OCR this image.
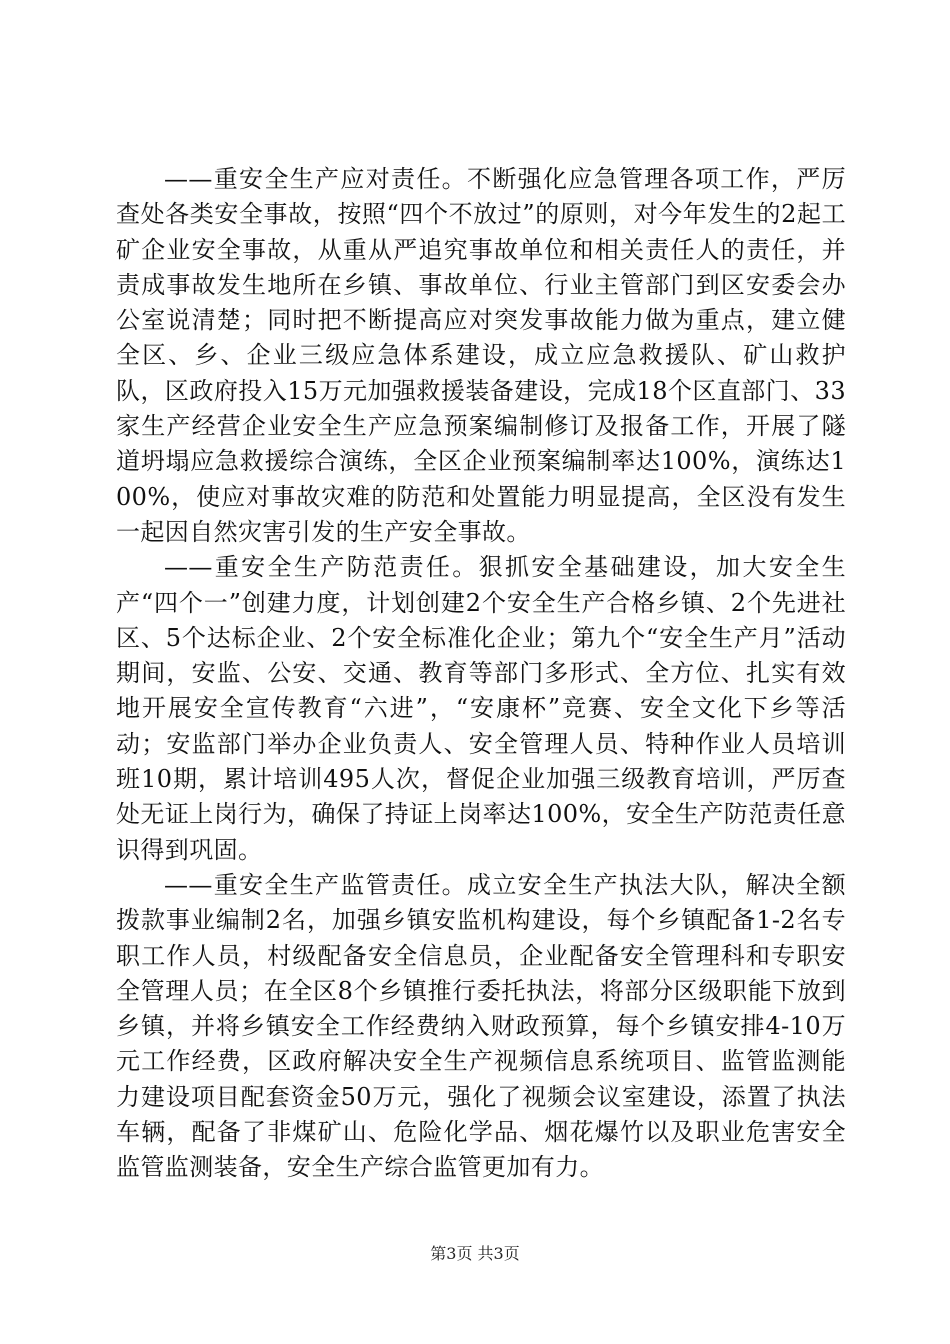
——重安全生产应对责任。不断强化应急管理各项工作，严厉查处各类安全事故，按照“四个不放过”的原则，对今年发生的2起工矿企业安全事故，从重从严追究事故单位和相关责任人的责任，并责成事故发生地所在乡镇、事故单位、行业主管部门到区安委会办公室说清楚；同时把不断提高应对突发事故能力做为重点，建立健全区、乡、企业三级应急体系建设，成立应急救援队、矿山救护队，区政府投入15万元加强救援装备建设，完成18个区直部门、33家生产经营企业安全生产应急预案编制修订及报备工作，开展了隧道坍塌应急救援综合演练，全区企业预案编制率达100%，演练达100%，使应对事故灾难的防范和处置能力明显提高，全区没有发生一起因自然灾害引发的生产安全事故。

——重安全生产防范责任。狠抓安全基础建设，加大安全生产“四个一”创建力度，计划创建2个安全生产合格乡镇、2个先进社区、5个达标企业、2个安全标准化企业；第九个“安全生产月”活动期间，安监、公安、交通、教育等部门多形式、全方位、扎实有效地开展安全宣传教育“六进”，“安康杯”竞赛、安全文化下乡等活动；安监部门举办企业负责人、安全管理人员、特种作业人员培训班10期，累计培训495人次，督促企业加强三级教育培训，严厉查处无证上岗行为，确保了持证上岗率达100%，安全生产防范责任意识得到巩固。

——重安全生产监管责任。成立安全生产执法大队，解决全额拨款事业编制2名，加强乡镇安监机构建设，每个乡镇配备1-2名专职工作人员，村级配备安全信息员，企业配备安全管理科和专职安全管理人员；在全区8个乡镇推行委托执法，将部分区级职能下放到乡镇，并将乡镇安全工作经费纳入财政预算，每个乡镇安排4-10万元工作经费，区政府解决安全生产视频信息系统项目、监管监测能力建设项目配套资金50万元，强化了视频会议室建设，添置了执法车辆，配备了非煤矿山、危险化学品、烟花爆竹以及职业危害安全监管监测装备，安全生产综合监管更加有力。

第3页 共3页
